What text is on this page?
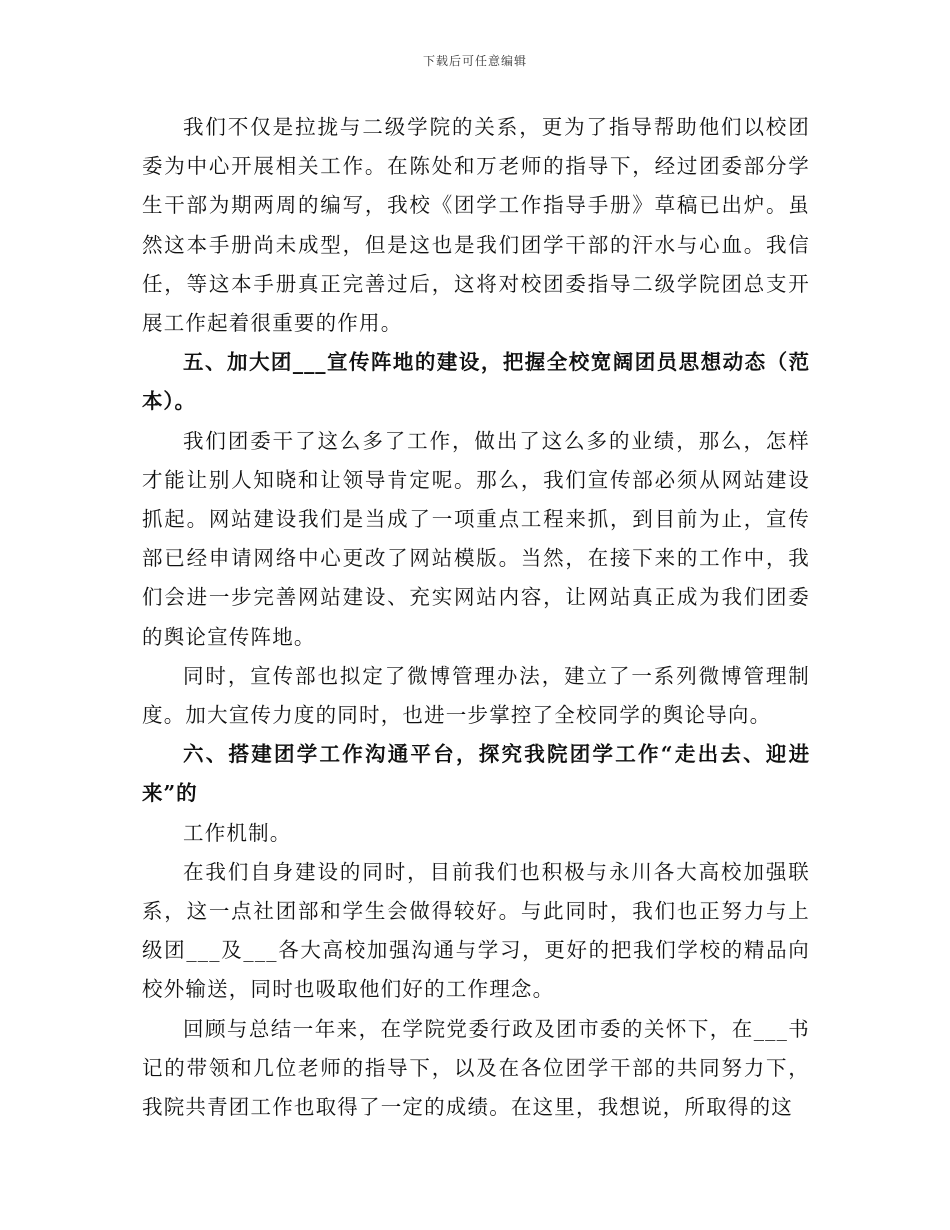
下载后可任意编辑

我们不仅是拉拢与二级学院的关系，更为了指导帮助他们以校团委为中心开展相关工作。在陈处和万老师的指导下，经过团委部分学生干部为期两周的编写，我校《团学工作指导手册》草稿已出炉。虽然这本手册尚未成型，但是这也是我们团学干部的汗水与心血。我信任，等这本手册真正完善过后，这将对校团委指导二级学院团总支开展工作起着很重要的作用。

五、加大团___宣传阵地的建设，把握全校宽阔团员思想动态（范本）。

我们团委干了这么多了工作，做出了这么多的业绩，那么，怎样才能让别人知晓和让领导肯定呢。那么，我们宣传部必须从网站建设抓起。网站建设我们是当成了一项重点工程来抓，到目前为止，宣传部已经申请网络中心更改了网站模版。当然，在接下来的工作中，我们会进一步完善网站建设、充实网站内容，让网站真正成为我们团委的舆论宣传阵地。

同时，宣传部也拟定了微博管理办法，建立了一系列微博管理制度。加大宣传力度的同时，也进一步掌控了全校同学的舆论导向。

六、搭建团学工作沟通平台，探究我院团学工作“走出去、迎进来”的

工作机制。

在我们自身建设的同时，目前我们也积极与永川各大高校加强联系，这一点社团部和学生会做得较好。与此同时，我们也正努力与上级团___及___各大高校加强沟通与学习，更好的把我们学校的精品向校外输送，同时也吸取他们好的工作理念。

回顾与总结一年来，在学院党委行政及团市委的关怀下，在___书记的带领和几位老师的指导下，以及在各位团学干部的共同努力下，我院共青团工作也取得了一定的成绩。在这里，我想说，所取得的这
